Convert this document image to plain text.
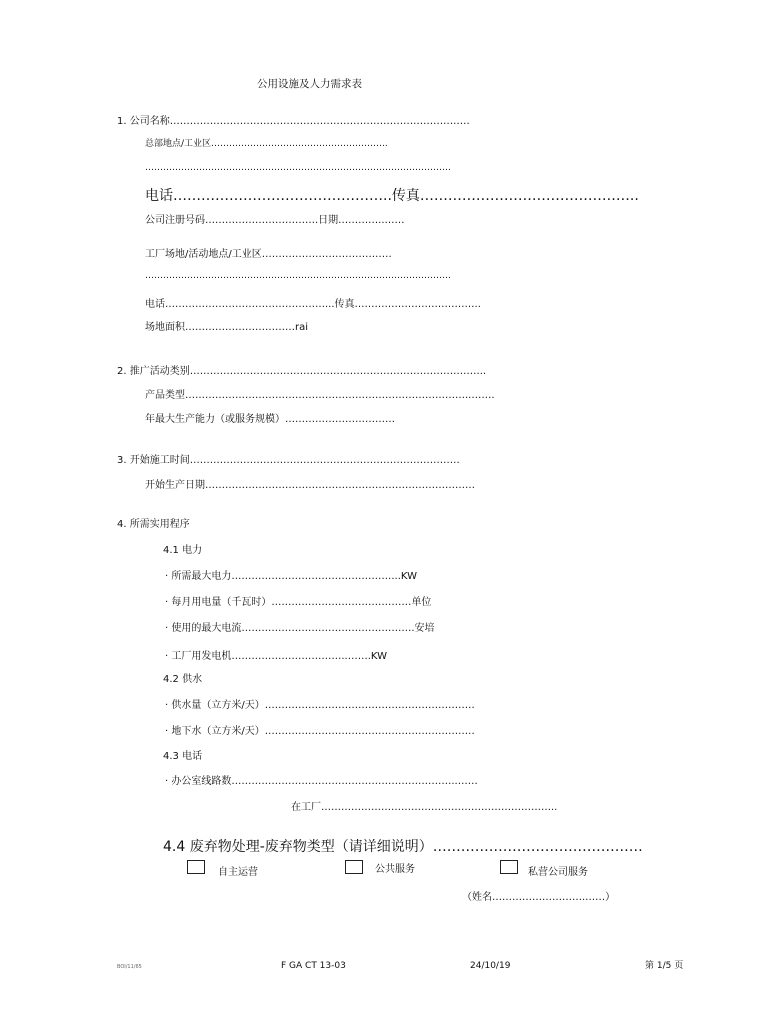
公用设施及人力需求表
1. 公司名称………………………………………………………………………………
总部地点/工业区…………………………………………………..
…………………………………………………………………………………………
电话………………………………………..传真………………………………………..
公司注册号码…………………………….日期…………..……
工厂场地/活动地点/工业区…………………………………
…………………………………………………………………………………………
电话…………………………………………...传真………………………………..
场地面积……………………………rai
2. 推广活动类别……………………………………………………………………………..
产品类型…………………………………………………………………………..…….
年最大生产能力（或服务规模）……………………………
3. 开始施工时间………………………………………………………………………
开始生产日期………………………………………………………………………
4. 所需实用程序
4.1 电力
· 所需最大电力…………………………………………...KW
· 每月用电量（千瓦时）……………………………………单位
· 使用的最大电流…………………………………………….安培
· 工厂用发电机……………………………..…….KW
4.2 供水
· 供水量（立方米/天）………………………………………………………
· 地下水（立方米/天）………………………………………………………
4.3 电话
· 办公室线路数…………………………………………………………..……
在工厂……………………………………………………………..
4.4 废弃物处理-废弃物类型（请详细说明）………………………………………
自主运营	公共服务	私营公司服务
（姓名……………………….……）
BOI/11/65	F GA CT 13-03	24/10/19	第 1/5 页
